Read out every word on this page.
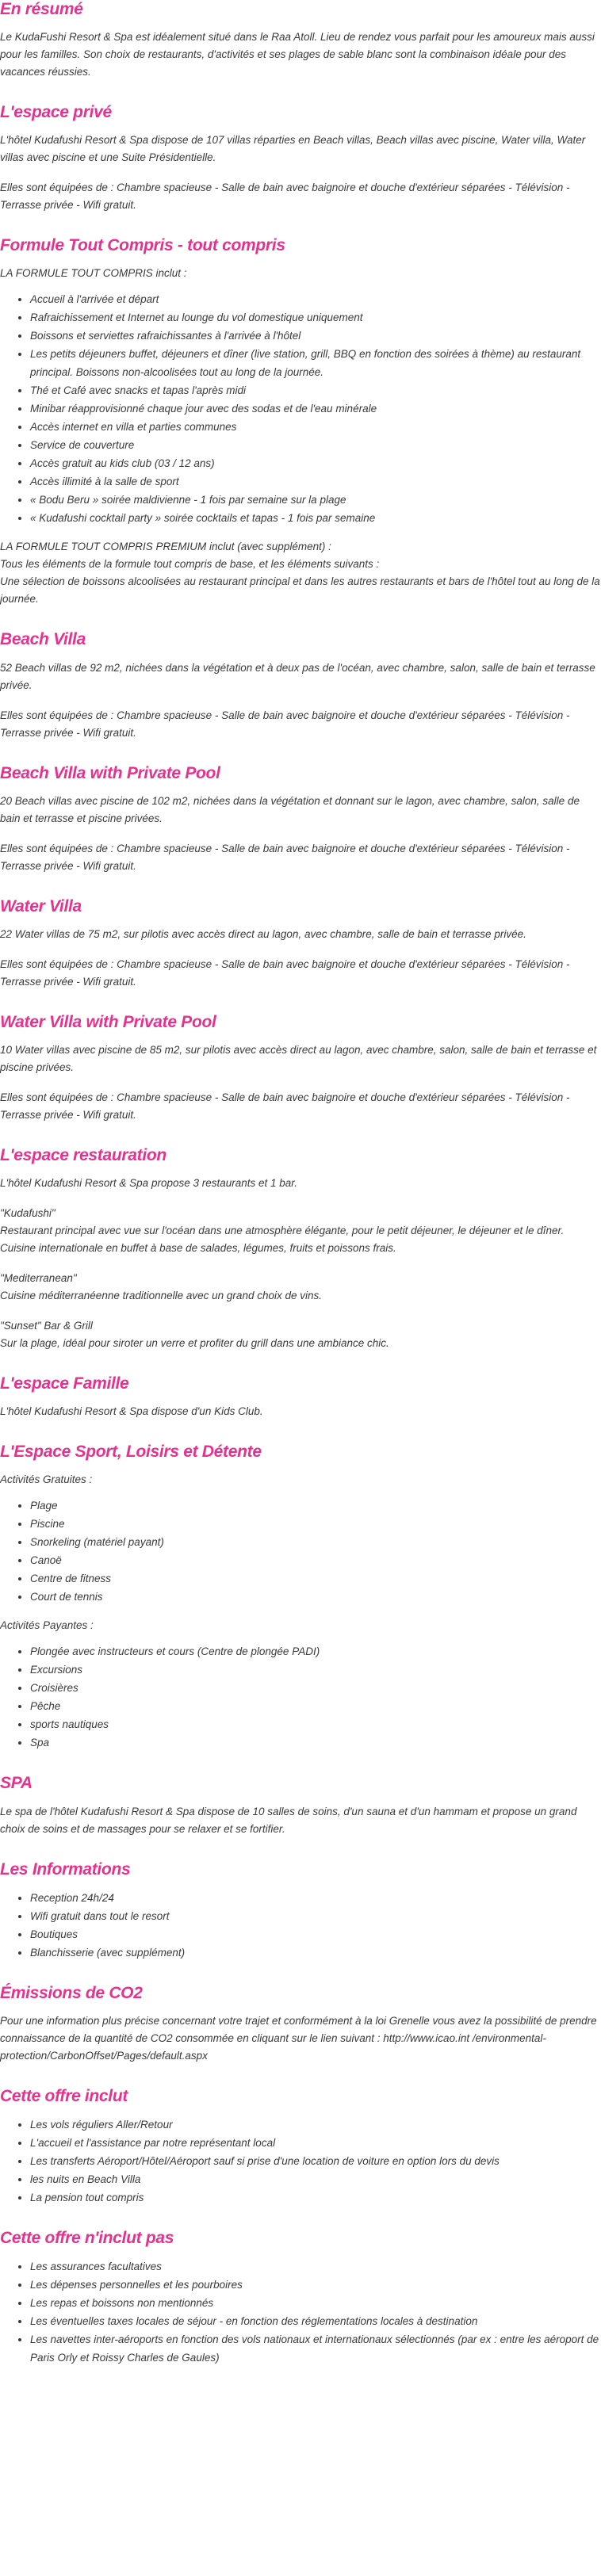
En résumé

Le KudaFushi Resort & Spa est idéalement situé dans le Raa Atoll. Lieu de rendez vous parfait pour les amoureux mais aussi pour les familles. Son choix de restaurants, d'activités et ses plages de sable blanc sont la combinaison idéale pour des vacances réussies.

L'espace privé

L'hôtel Kudafushi Resort & Spa dispose de 107 villas réparties en Beach villas, Beach villas avec piscine, Water villa, Water villas avec piscine et une Suite Présidentielle.

Elles sont équipées de : Chambre spacieuse - Salle de bain avec baignoire et douche d'extérieur séparées - Télévision - Terrasse privée - Wifi gratuit.

Formule Tout Compris - tout compris

LA FORMULE TOUT COMPRIS inclut :

• Accueil à l'arrivée et départ
• Rafraichissement et Internet au lounge du vol domestique uniquement
• Boissons et serviettes rafraichissantes à l'arrivée à l'hôtel
• Les petits déjeuners buffet, déjeuners et dîner (live station, grill, BBQ en fonction des soirées à thème) au restaurant principal. Boissons non-alcoolisées tout au long de la journée.
• Thé et Café avec snacks et tapas l'après midi
• Minibar réapprovisionné chaque jour avec des sodas et de l'eau minérale
• Accès internet en villa et parties communes
• Service de couverture
• Accès gratuit au kids club (03 / 12 ans)
• Accès illimité à la salle de sport
• « Bodu Beru » soirée maldivienne - 1 fois par semaine sur la plage
• « Kudafushi cocktail party » soirée cocktails et tapas - 1 fois par semaine

LA FORMULE TOUT COMPRIS PREMIUM inclut (avec supplément) :

Tous les éléments de la formule tout compris de base, et les éléments suivants :

Une sélection de boissons alcoolisées au restaurant principal et dans les autres restaurants et bars de l'hôtel tout au long de la journée.

Beach Villa

52 Beach villas de 92 m2, nichées dans la végétation et à deux pas de l'océan, avec chambre, salon, salle de bain et terrasse privée.

Elles sont équipées de : Chambre spacieuse - Salle de bain avec baignoire et douche d'extérieur séparées - Télévision - Terrasse privée - Wifi gratuit.

Beach Villa with Private Pool

20 Beach villas avec piscine de 102 m2, nichées dans la végétation et donnant sur le lagon, avec chambre, salon, salle de bain et terrasse et piscine privées.

Elles sont équipées de : Chambre spacieuse - Salle de bain avec baignoire et douche d'extérieur séparées - Télévision - Terrasse privée - Wifi gratuit.

Water Villa

22 Water villas de 75 m2, sur pilotis avec accès direct au lagon, avec chambre, salle de bain et terrasse privée.

Elles sont équipées de : Chambre spacieuse - Salle de bain avec baignoire et douche d'extérieur séparées - Télévision - Terrasse privée - Wifi gratuit.

Water Villa with Private Pool

10 Water villas avec piscine de 85 m2, sur pilotis avec accès direct au lagon, avec chambre, salon, salle de bain et terrasse et piscine privées.

Elles sont équipées de : Chambre spacieuse - Salle de bain avec baignoire et douche d'extérieur séparées - Télévision - Terrasse privée - Wifi gratuit.

L'espace restauration

L'hôtel Kudafushi Resort & Spa propose 3 restaurants et 1 bar.

"Kudafushi"

Restaurant principal avec vue sur l'océan dans une atmosphère élégante, pour le petit déjeuner, le déjeuner et le dîner. Cuisine internationale en buffet à base de salades, légumes, fruits et poissons frais.

"Mediterranean"

Cuisine méditerranéenne traditionnelle avec un grand choix de vins.

"Sunset" Bar & Grill

Sur la plage, idéal pour siroter un verre et profiter du grill dans une ambiance chic.

L'espace Famille

L'hôtel Kudafushi Resort & Spa dispose d'un Kids Club.

L'Espace Sport, Loisirs et Détente

Activités Gratuites :

• Plage
• Piscine
• Snorkeling (matériel payant)
• Canoë
• Centre de fitness
• Court de tennis

Activités Payantes :

• Plongée avec instructeurs et cours (Centre de plongée PADI)
• Excursions
• Croisières
• Pêche
• sports nautiques
• Spa
SPA

Le spa de l'hôtel Kudafushi Resort & Spa dispose de 10 salles de soins, d'un sauna et d'un hammam et propose un grand choix de soins et de massages pour se relaxer et se fortifier.

Les Informations
• Reception 24h/24
• Wifi gratuit dans tout le resort
• Boutiques
• Blanchisserie (avec supplément)
Émissions de CO2

Pour une information plus précise concernant votre trajet et conformément à la loi Grenelle vous avez la possibilité de prendre connaissance de la quantité de CO2 consommée en cliquant sur le lien suivant : http://www.icao.int /environmental-protection/CarbonOffset/Pages/default.aspx

Cette offre inclut
• Les vols réguliers Aller/Retour
• L'accueil et l'assistance par notre représentant local
• Les transferts Aéroport/Hôtel/Aéroport sauf si prise d'une location de voiture en option lors du devis
• les nuits en Beach Villa
• La pension tout compris
Cette offre n'inclut pas
• Les assurances facultatives
• Les dépenses personnelles et les pourboires
• Les repas et boissons non mentionnés
• Les éventuelles taxes locales de séjour - en fonction des réglementations locales à destination
• Les navettes inter-aéroports en fonction des vols nationaux et internationaux sélectionnés (par ex : entre les aéroport de Paris Orly et Roissy Charles de Gaules)
